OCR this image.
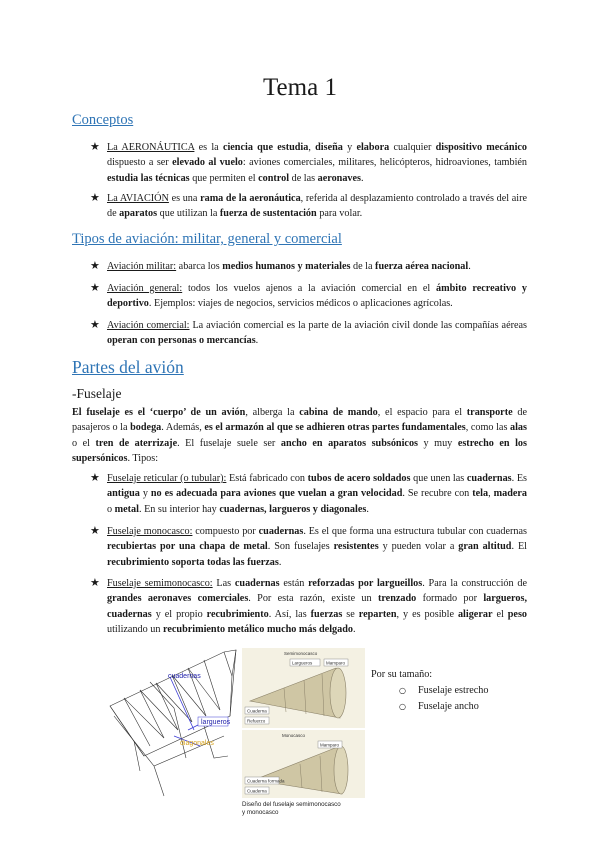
Tema 1
Conceptos
★ La AERONÁUTICA es la ciencia que estudia, diseña y elabora cualquier dispositivo mecánico dispuesto a ser elevado al vuelo: aviones comerciales, militares, helicópteros, hidroaviones, también estudia las técnicas que permiten el control de las aeronaves.
★ La AVIACIÓN es una rama de la aeronáutica, referida al desplazamiento controlado a través del aire de aparatos que utilizan la fuerza de sustentación para volar.
Tipos de aviación: militar, general y comercial
★ Aviación militar: abarca los medios humanos y materiales de la fuerza aérea nacional.
★ Aviación general: todos los vuelos ajenos a la aviación comercial en el ámbito recreativo y deportivo. Ejemplos: viajes de negocios, servicios médicos o aplicaciones agrícolas.
★ Aviación comercial: La aviación comercial es la parte de la aviación civil donde las compañías aéreas operan con personas o mercancías.
Partes del avión
-Fuselaje
El fuselaje es el ‘cuerpo’ de un avión, alberga la cabina de mando, el espacio para el transporte de pasajeros o la bodega. Además, es el armazón al que se adhieren otras partes fundamentales, como las alas o el tren de aterrizaje. El fuselaje suele ser ancho en aparatos subsónicos y muy estrecho en los supersónicos. Tipos:
★ Fuselaje reticular (o tubular): Está fabricado con tubos de acero soldados que unen las cuadernas. Es antigua y no es adecuada para aviones que vuelan a gran velocidad. Se recubre con tela, madera o metal. En su interior hay cuadernas, largueros y diagonales.
★ Fuselaje monocasco: compuesto por cuadernas. Es el que forma una estructura tubular con cuadernas recubiertas por una chapa de metal. Son fuselajes resistentes y pueden volar a gran altitud. El recubrimiento soporta todas las fuerzas.
★ Fuselaje semimonocasco: Las cuadernas están reforzadas por largueillos. Para la construcción de grandes aeronaves comerciales. Por esta razón, existe un trenzado formado por largueros, cuadernas y el propio recubrimiento. Así, las fuerzas se reparten, y es posible aligerar el peso utilizando un recubrimiento metálico mucho más delgado.
cuadernas
largueros
diagonales
Semimonocasco
Largueros	Mamparo
Cuaderna
Refuerzo
Monocasco
Mamparo
Cuaderna formada
Cuaderna
Diseño del fuselaje semimonocasco
y monocasco
Por su tamaño:
○ Fuselaje estrecho
○ Fuselaje ancho
